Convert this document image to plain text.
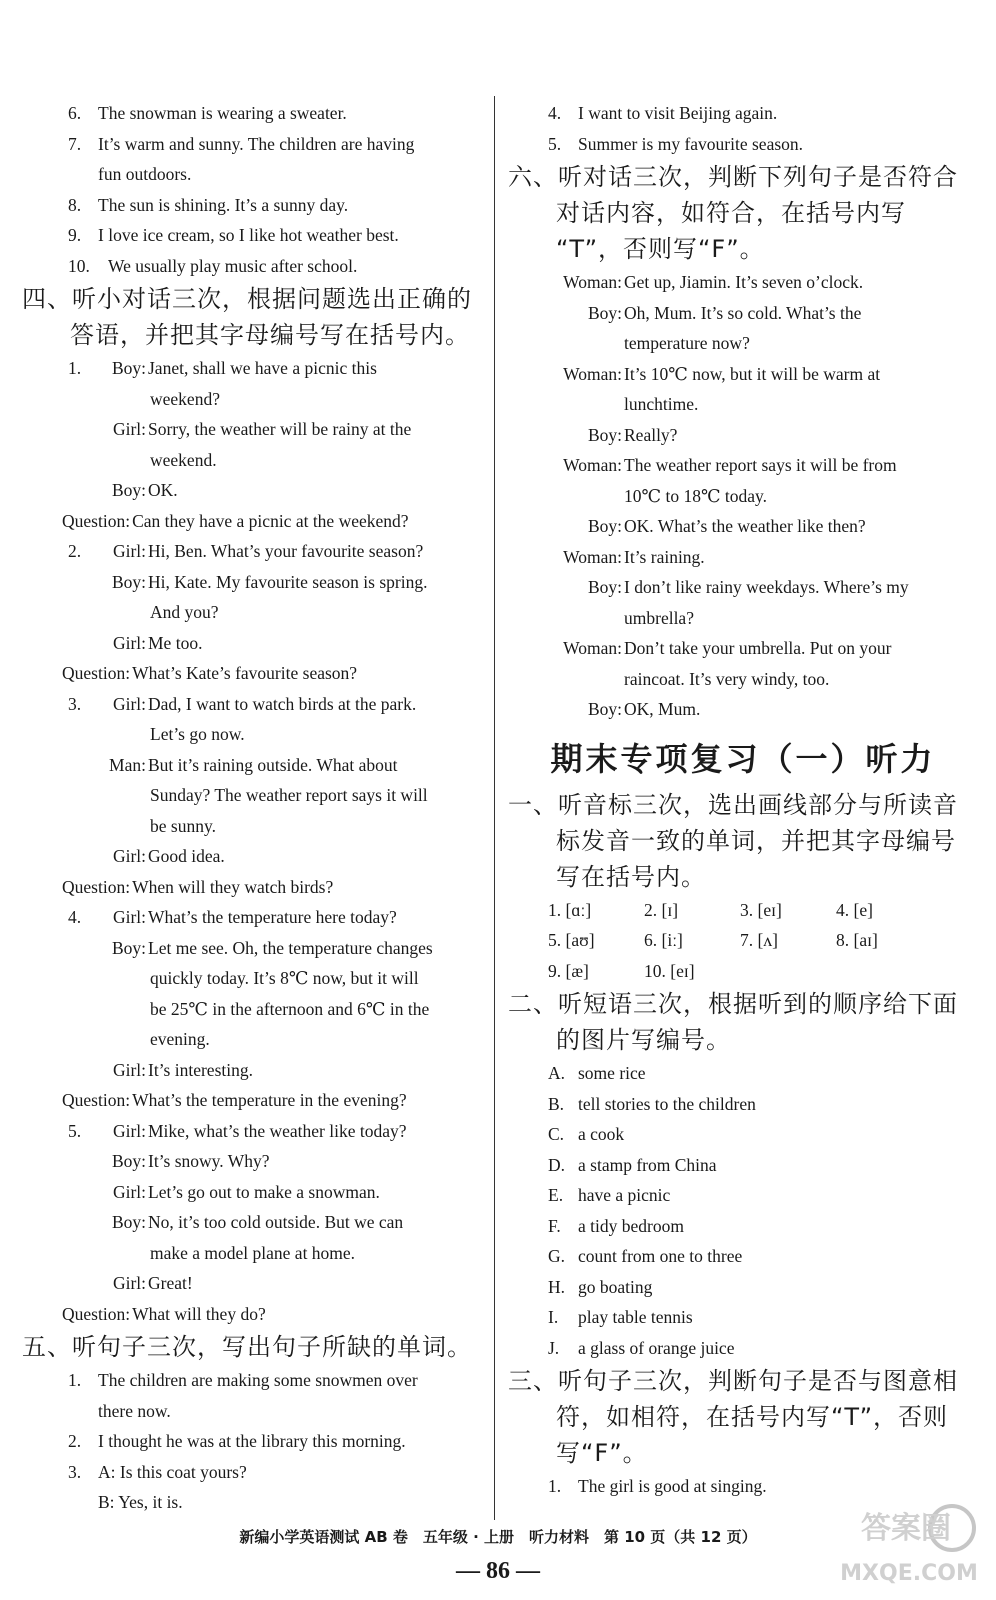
6. The snowman is wearing a sweater.
7. It’s warm and sunny. The children are having
fun outdoors.
8. The sun is shining. It’s a sunny day.
9. I love ice cream, so I like hot weather best.
10. We usually play music after school.
四、听小对话三次，根据问题选出正确的
答语，并把其字母编号写在括号内。
1. Boy: Janet, shall we have a picnic this
weekend?
Girl: Sorry, the weather will be rainy at the
weekend.
Boy: OK.
Question: Can they have a picnic at the weekend?
2. Girl: Hi, Ben. What’s your favourite season?
Boy: Hi, Kate. My favourite season is spring.
And you?
Girl: Me too.
Question: What’s Kate’s favourite season?
3. Girl: Dad, I want to watch birds at the park.
Let’s go now.
Man: But it’s raining outside. What about
Sunday? The weather report says it will
be sunny.
Girl: Good idea.
Question: When will they watch birds?
4. Girl: What’s the temperature here today?
Boy: Let me see. Oh, the temperature changes
quickly today. It’s 8℃ now, but it will
be 25℃ in the afternoon and 6℃ in the
evening.
Girl: It’s interesting.
Question: What’s the temperature in the evening?
5. Girl: Mike, what’s the weather like today?
Boy: It’s snowy. Why?
Girl: Let’s go out to make a snowman.
Boy: No, it’s too cold outside. But we can
make a model plane at home.
Girl: Great!
Question: What will they do?
五、听句子三次，写出句子所缺的单词。
1. The children are making some snowmen over
there now.
2. I thought he was at the library this morning.
3. A: Is this coat yours?
B: Yes, it is.
4. I want to visit Beijing again.
5. Summer is my favourite season.
六、听对话三次，判断下列句子是否符合
对话内容，如符合，在括号内写
“T”，否则写“F”。
Woman: Get up, Jiamin. It’s seven o’clock.
Boy: Oh, Mum. It’s so cold. What’s the
temperature now?
Woman: It’s 10℃ now, but it will be warm at
lunchtime.
Boy: Really?
Woman: The weather report says it will be from
10℃ to 18℃ today.
Boy: OK. What’s the weather like then?
Woman: It’s raining.
Boy: I don’t like rainy weekdays. Where’s my
umbrella?
Woman: Don’t take your umbrella. Put on your
raincoat. It’s very windy, too.
Boy: OK, Mum.
期末专项复习（一）听力
一、听音标三次，选出画线部分与所读音
标发音一致的单词，并把其字母编号
写在括号内。
1. [ɑː]	2. [ɪ]	3. [eɪ]	4. [e]
5. [aʊ]	6. [iː]	7. [ʌ]	8. [aɪ]
9. [æ]	10. [eɪ]
二、听短语三次，根据听到的顺序给下面
的图片写编号。
A. some rice
B. tell stories to the children
C. a cook
D. a stamp from China
E. have a picnic
F. a tidy bedroom
G. count from one to three
H. go boating
I. play table tennis
J. a glass of orange juice
三、听句子三次，判断句子是否与图意相
符，如相符，在括号内写“T”，否则
写“F”。
1. The girl is good at singing.
新编小学英语测试 AB 卷　五年级 · 上册　听力材料　第 10 页（共 12 页）
— 86 —
答案圈
MXQE.COM
